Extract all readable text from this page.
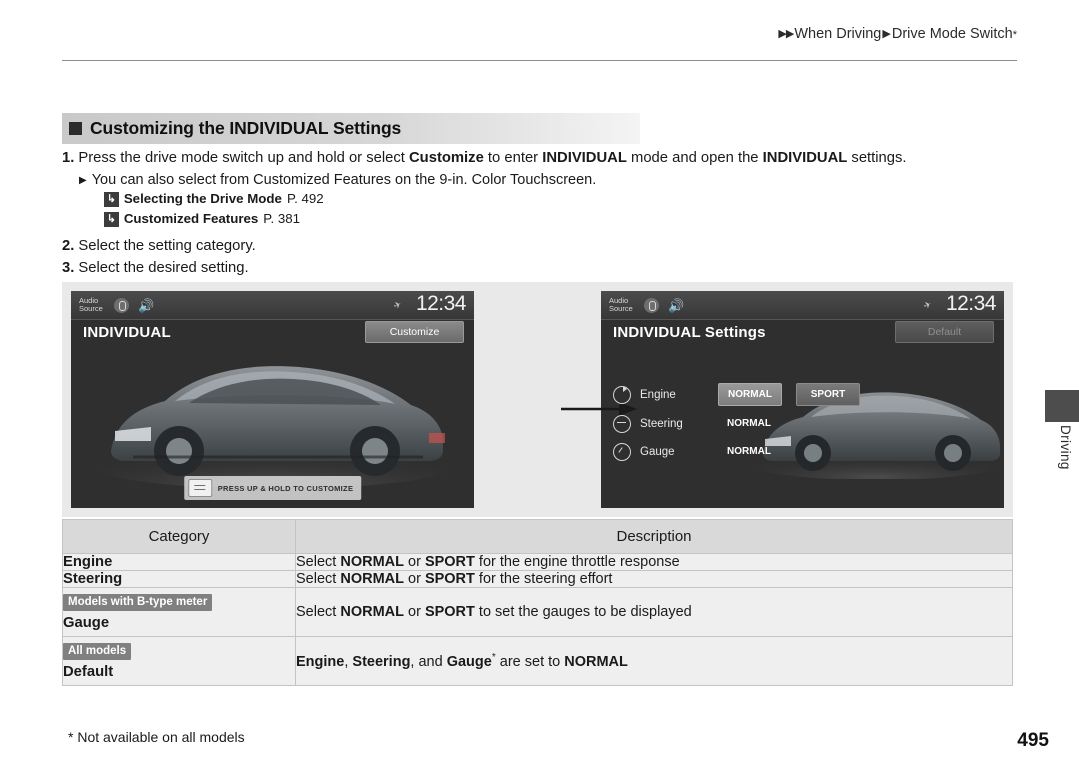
▶▶ When Driving ▶ Drive Mode Switch *
Customizing the INDIVIDUAL Settings
1. Press the drive mode switch up and hold or select Customize to enter INDIVIDUAL mode and open the INDIVIDUAL settings.
▶ You can also select from Customized Features on the 9-in. Color Touchscreen.
↳ Selecting the Drive Mode P. 492
↳ Customized Features P. 381
2. Select the setting category.
3. Select the desired setting.
Audio Source	🔊	✈ 12:34
INDIVIDUAL	Customize
PRESS UP & HOLD TO CUSTOMIZE
Audio Source	🔊	✈ 12:34
INDIVIDUAL Settings	Default
Engine	NORMAL	SPORT
Steering	NORMAL
Gauge	NORMAL
Category	Description
Engine	Select NORMAL or SPORT for the engine throttle response
Steering	Select NORMAL or SPORT for the steering effort
Models with B-type meter
Gauge	Select NORMAL or SPORT to set the gauges to be displayed
All models
Default	Engine, Steering, and Gauge* are set to NORMAL
* Not available on all models	495
Driving
